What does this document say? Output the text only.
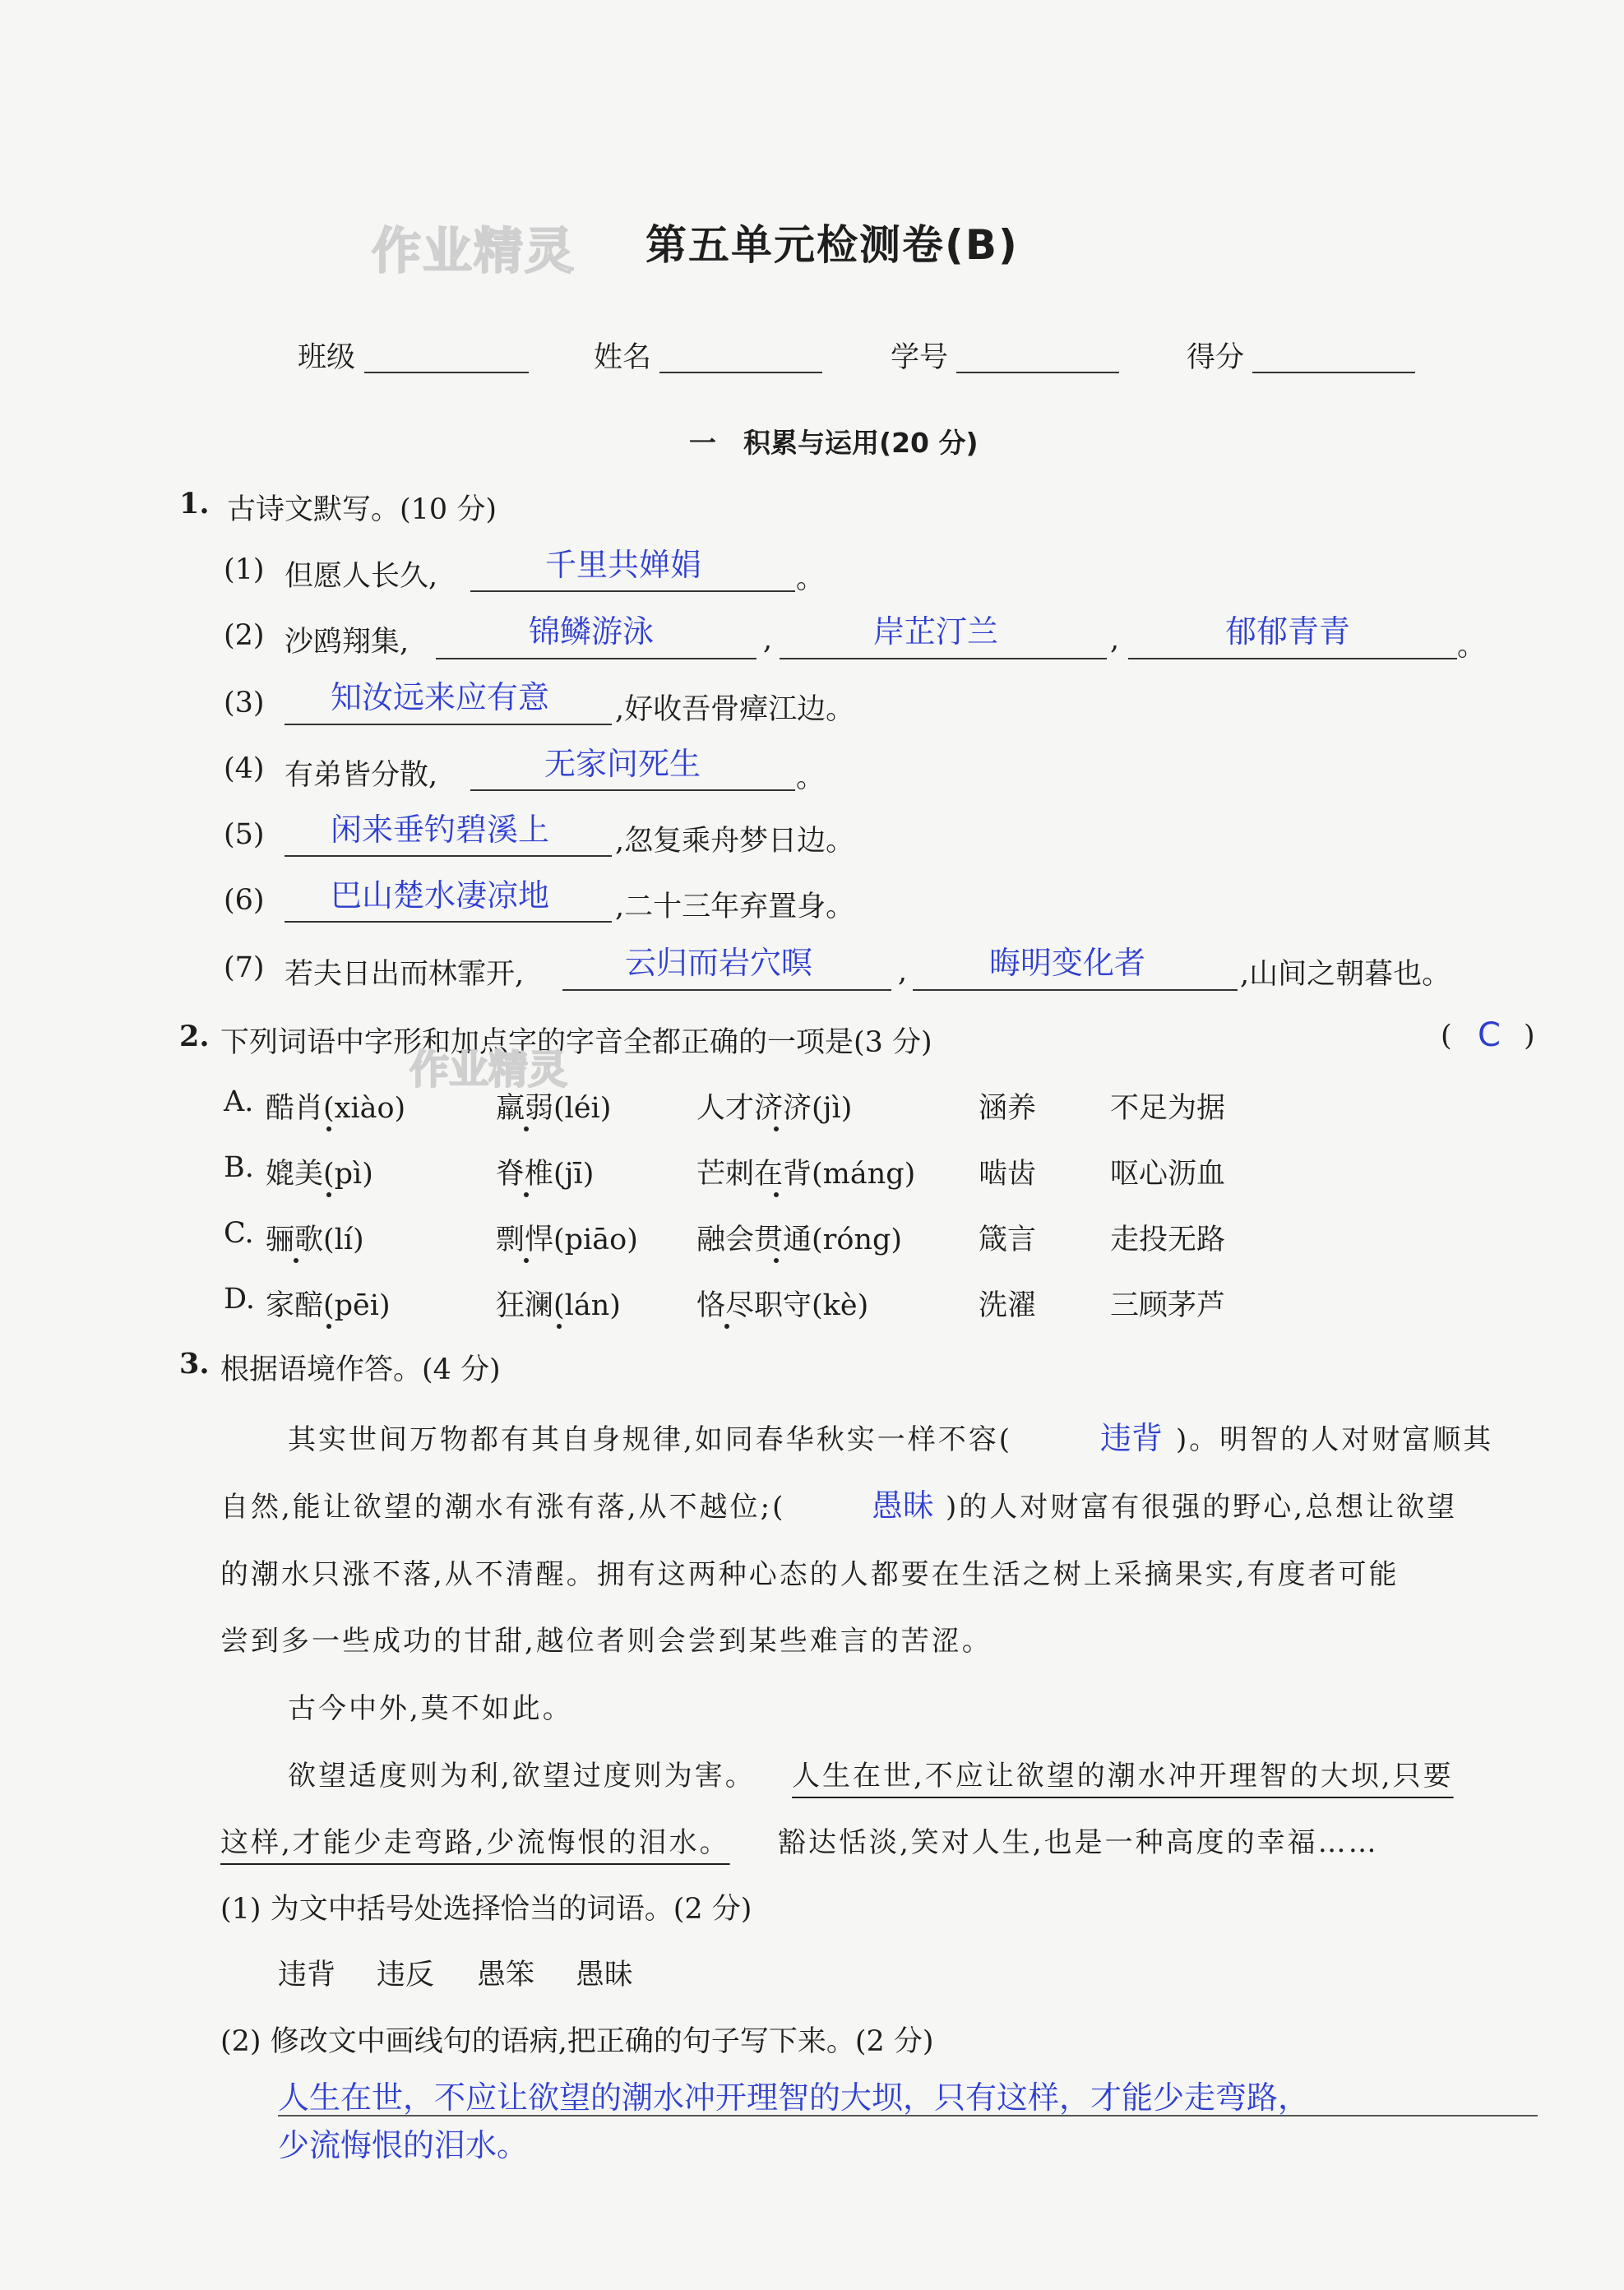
作业精灵 第五单元检测卷(B)
班级	姓名	学号	得分
一　积累与运用(20 分)
1. 古诗文默写。(10 分)
(1) 但愿人长久,	千里共婵娟	。
(2) 沙鸥翔集,	锦鳞游泳	,	岸芷汀兰	,	郁郁青青	。
(3) 知汝远来应有意 ,好收吾骨瘴江边。
(4) 有弟皆分散,	无家问死生	。
(5) 闲来垂钓碧溪上 ,忽复乘舟梦日边。
(6) 巴山楚水凄凉地 ,二十三年弃置身。
(7) 若夫日出而林霏开,	云归而岩穴暝	,	晦明变化者	,山间之朝暮也。
2. 下列词语中字形和加点字的字音全都正确的一项是(3 分)
作业精灵
( C )
A. 酷肖(xiào)	羸弱(léi)	人才济济(jì)	涵养	不足为据
B. 媲美(pì)	脊椎(jī)	芒刺在背(máng) 啮齿	呕心沥血
C. 骊歌(lí)	剽悍(piāo) 融会贯通(róng)	箴言	走投无路
D. 家醅(pēi)	狂澜(lán)	恪尽职守(kè)	洗濯	三顾茅芦
3. 根据语境作答。(4 分)
其实世间万物都有其自身规律,如同春华秋实一样不容(	违背 )。明智的人对财富顺其
自然,能让欲望的潮水有涨有落,从不越位;(	愚昧 )的人对财富有很强的野心,总想让欲望
的潮水只涨不落,从不清醒。拥有这两种心态的人都要在生活之树上采摘果实,有度者可能
尝到多一些成功的甘甜,越位者则会尝到某些难言的苦涩。
古今中外,莫不如此。
欲望适度则为利,欲望过度则为害。 人生在世,不应让欲望的潮水冲开理智的大坝,只要
这样,才能少走弯路,少流悔恨的泪水。 豁达恬淡,笑对人生,也是一种高度的幸福……
(1) 为文中括号处选择恰当的词语。(2 分)
违背 违反 愚笨 愚昧
(2) 修改文中画线句的语病,把正确的句子写下来。(2 分)
人生在世，不应让欲望的潮水冲开理智的大坝，只有这样，才能少走弯路，
少流悔恨的泪水。
